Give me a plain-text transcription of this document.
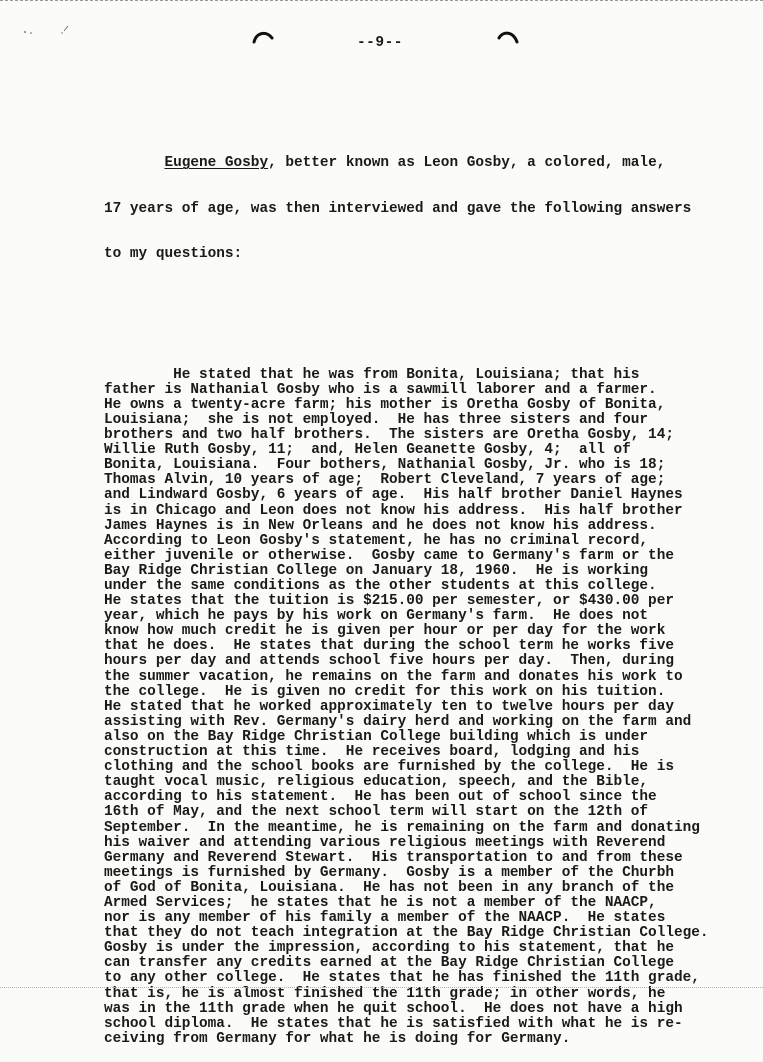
--9--

Eugene Gosby, better known as Leon Gosby, a colored, male,

17 years of age, was then interviewed and gave the following answers

to my questions:

He stated that he was from Bonita, Louisiana; that his
father is Nathanial Gosby who is a sawmill laborer and a farmer.
He owns a twenty-acre farm; his mother is Oretha Gosby of Bonita,
Louisiana;  she is not employed.  He has three sisters and four
brothers and two half brothers.  The sisters are Oretha Gosby, 14;
Willie Ruth Gosby, 11;  and, Helen Geanette Gosby, 4;  all of
Bonita, Louisiana.  Four bothers, Nathanial Gosby, Jr. who is 18;
Thomas Alvin, 10 years of age;  Robert Cleveland, 7 years of age;
and Lindward Gosby, 6 years of age.  His half brother Daniel Haynes
is in Chicago and Leon does not know his address.  His half brother
James Haynes is in New Orleans and he does not know his address.
According to Leon Gosby's statement, he has no criminal record,
either juvenile or otherwise.  Gosby came to Germany's farm or the
Bay Ridge Christian College on January 18, 1960.  He is working
under the same conditions as the other students at this college.
He states that the tuition is $215.00 per semester, or $430.00 per
year, which he pays by his work on Germany's farm.  He does not
know how much credit he is given per hour or per day for the work
that he does.  He states that during the school term he works five
hours per day and attends school five hours per day.  Then, during
the summer vacation, he remains on the farm and donates his work to
the college.  He is given no credit for this work on his tuition.
He stated that he worked approximately ten to twelve hours per day
assisting with Rev. Germany's dairy herd and working on the farm and
also on the Bay Ridge Christian College building which is under
construction at this time.  He receives board, lodging and his
clothing and the school books are furnished by the college.  He is
taught vocal music, religious education, speech, and the Bible,
according to his statement.  He has been out of school since the
16th of May, and the next school term will start on the 12th of
September.  In the meantime, he is remaining on the farm and donating
his waiver and attending various religious meetings with Reverend
Germany and Reverend Stewart.  His transportation to and from these
meetings is furnished by Germany.  Gosby is a member of the Churbh
of God of Bonita, Louisiana.  He has not been in any branch of the
Armed Services;  he states that he is not a member of the NAACP,
nor is any member of his family a member of the NAACP.  He states
that they do not teach integration at the Bay Ridge Christian College.
Gosby is under the impression, according to his statement, that he
can transfer any credits earned at the Bay Ridge Christian College
to any other college.  He states that he has finished the 11th grade,
that is, he is almost finished the 11th grade; in other words, he
was in the 11th grade when he quit school.  He does not have a high
school diploma.  He states that he is satisfied with what he is re-
ceiving from Germany for what he is doing for Germany.
